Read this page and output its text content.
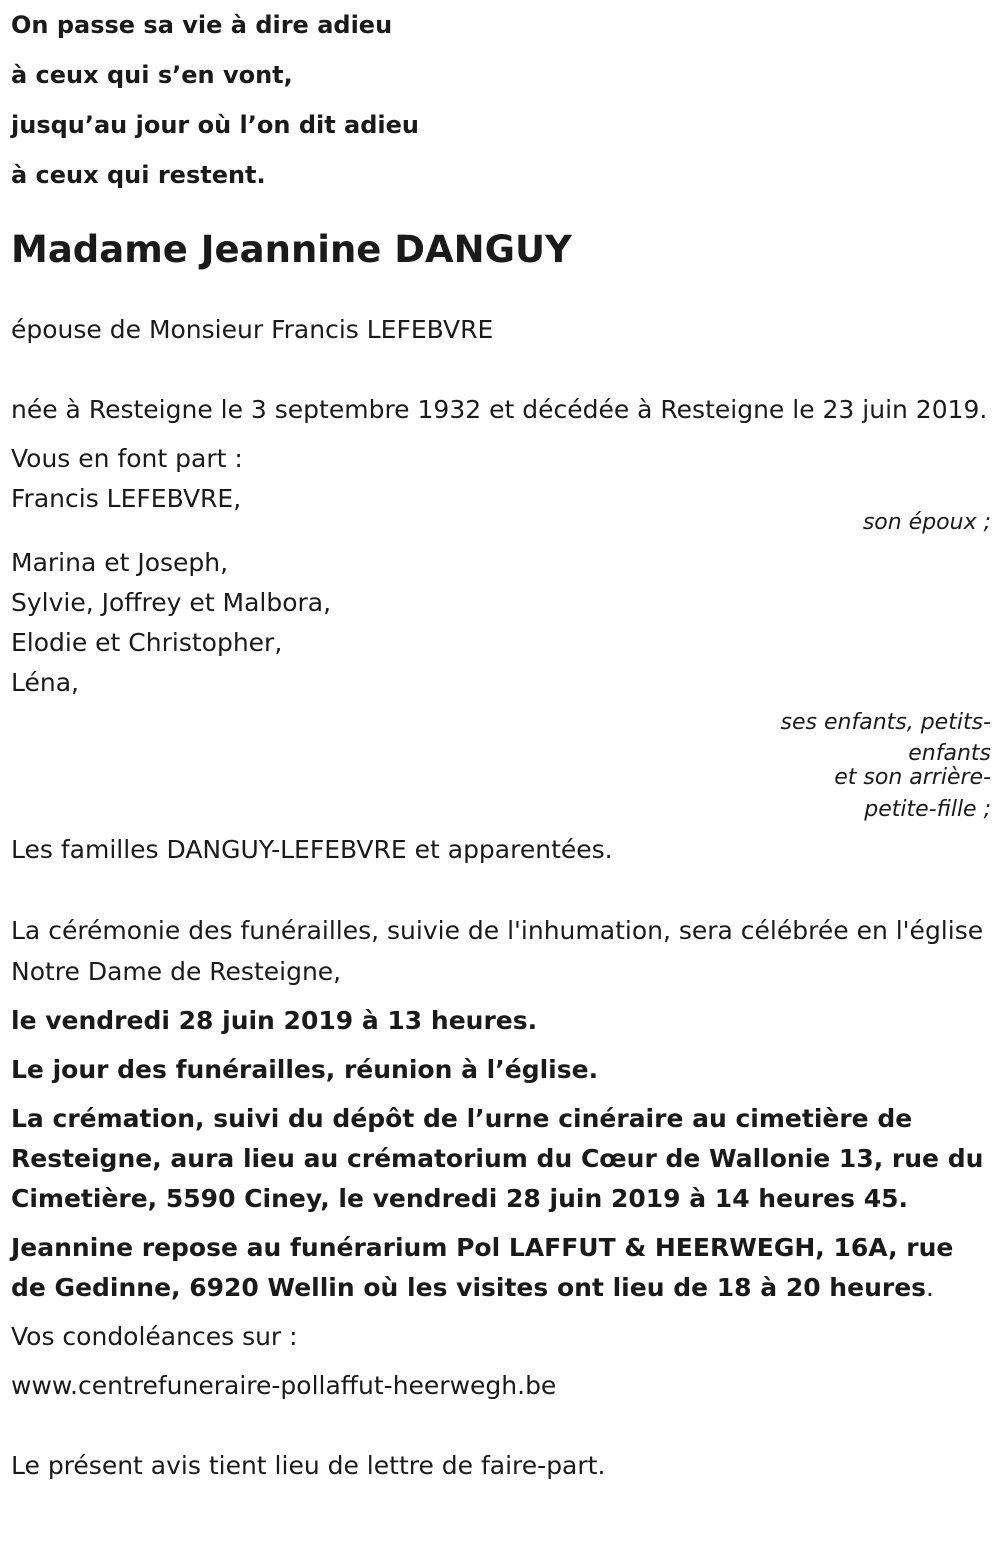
On passe sa vie à dire adieu

à ceux qui s’en vont,

jusqu’au jour où l’on dit adieu

à ceux qui restent.

Madame Jeannine DANGUY

épouse de Monsieur Francis LEFEBVRE

née à Resteigne le 3 septembre 1932 et décédée à Resteigne le 23 juin 2019.

Vous en font part :
Francis LEFEBVRE,

son époux ;

Marina et Joseph,
Sylvie, Joffrey et Malbora,
Elodie et Christopher,
Léna,
ses enfants, petits-
enfants
et son arrière-
petite-fille ;

Les familles DANGUY-LEFEBVRE et apparentées.

La cérémonie des funérailles, suivie de l'inhumation, sera célébrée en l'église Notre Dame de Resteigne,

le vendredi 28 juin 2019 à 13 heures.

Le jour des funérailles, réunion à l’église.

La crémation, suivi du dépôt de l’urne cinéraire au cimetière de Resteigne, aura lieu au crématorium du Cœur de Wallonie 13, rue du Cimetière, 5590 Ciney, le vendredi 28 juin 2019 à 14 heures 45.

Jeannine repose au funérarium Pol LAFFUT & HEERWEGH, 16A, rue de Gedinne, 6920 Wellin où les visites ont lieu de 18 à 20 heures.

Vos condoléances sur :

www.centrefuneraire-pollaffut-heerwegh.be

Le présent avis tient lieu de lettre de faire-part.
